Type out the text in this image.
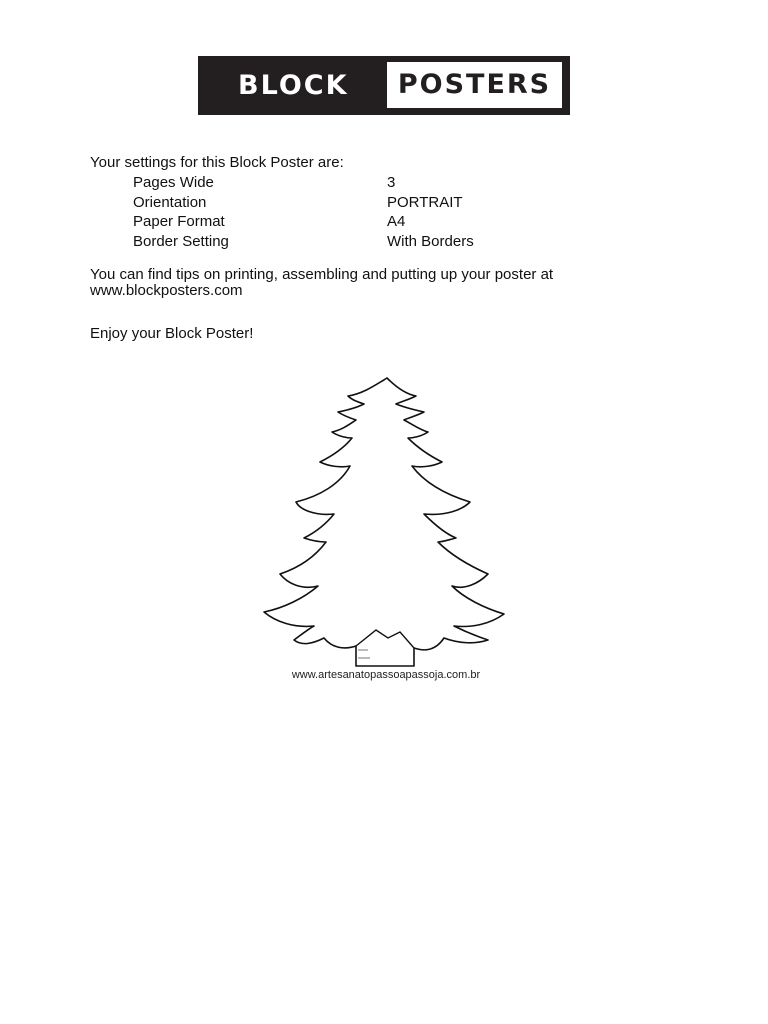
BLOCK	POSTERS
Your settings for this Block Poster are:
Pages Wide	3
Orientation	PORTRAIT
Paper Format	A4
Border Setting	With Borders
You can find tips on printing, assembling and putting up your poster at
www.blockposters.com
Enjoy your Block Poster!
www.artesanatopassoapassoja.com.br
